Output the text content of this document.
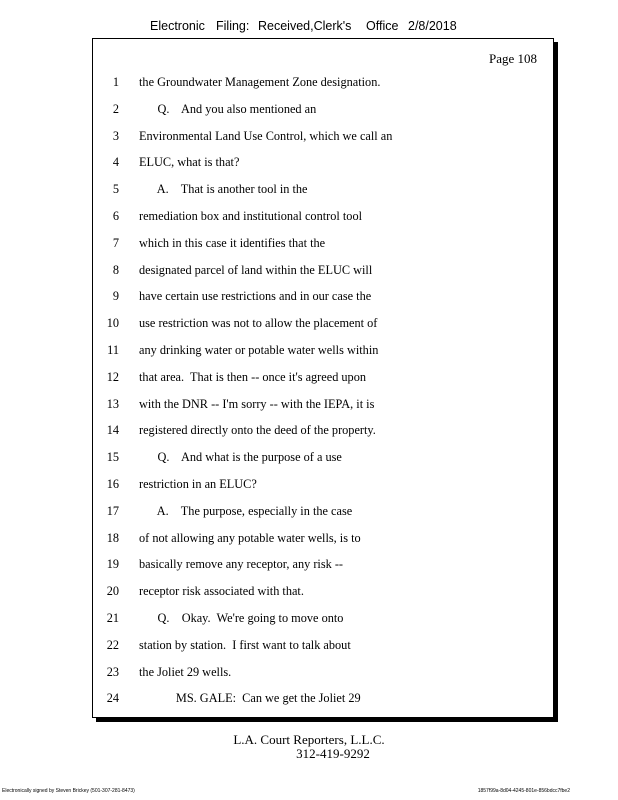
Electronic Filing: Received,Clerk's Office 2/8/2018
Page 108
1 the Groundwater Management Zone designation.
2 Q.    And you also mentioned an
3 Environmental Land Use Control, which we call an
4 ELUC, what is that?
5 A.    That is another tool in the
6 remediation box and institutional control tool
7 which in this case it identifies that the
8 designated parcel of land within the ELUC will
9 have certain use restrictions and in our case the
10 use restriction was not to allow the placement of
11 any drinking water or potable water wells within
12 that area.  That is then -- once it's agreed upon
13 with the DNR -- I'm sorry -- with the IEPA, it is
14 registered directly onto the deed of the property.
15 Q.    And what is the purpose of a use
16 restriction in an ELUC?
17 A.    The purpose, especially in the case
18 of not allowing any potable water wells, is to
19 basically remove any receptor, any risk --
20 receptor risk associated with that.
21 Q.    Okay.  We're going to move onto
22 station by station.  I first want to talk about
23 the Joliet 29 wells.
24 MS. GALE:  Can we get the Joliet 29
L.A. Court Reporters, L.L.C.
312-419-9292
Electronically signed by Steven Brickey (501-307-281-8473)	1857f99a-8d04-4245-801e-856bdcc7fbe2
